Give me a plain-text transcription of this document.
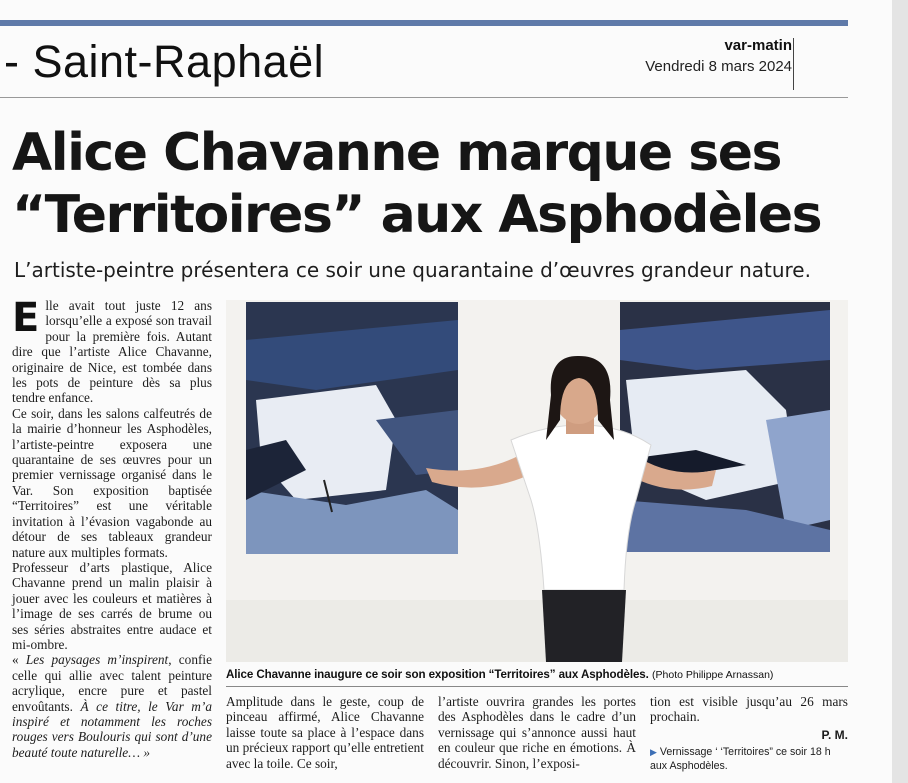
- Saint-Raphaël	var-matin
Vendredi 8 mars 2024
Alice Chavanne marque ses
“Territoires” aux Asphodèles
L’artiste-peintre présentera ce soir une quarantaine d’œuvres grandeur nature.

Elle avait tout juste 12 ans lorsqu’elle a exposé son travail pour la première fois. Autant dire que l’artiste Alice Chavanne, originaire de Nice, est tombée dans les pots de peinture dès sa plus tendre enfance.

Ce soir, dans les salons calfeutrés de la mairie d’honneur les Asphodèles, l’artiste-peintre exposera une quarantaine de ses œuvres pour un premier vernissage organisé dans le Var. Son exposition baptisée “Territoires” est une véritable invitation à l’évasion vagabonde au détour de ses tableaux grandeur nature aux multiples formats.

Professeur d’arts plastique, Alice Chavanne prend un malin plaisir à jouer avec les couleurs et matières à l’image de ses carrés de brume ou ses séries abstraites entre audace et mi-ombre.

« Les paysages m’inspirent, confie celle qui allie avec talent peinture acrylique, encre pure et pastel envoûtants. À ce titre, le Var m’a inspiré et notamment les roches rouges vers Boulouris qui sont d’une beauté toute naturelle… »

Alice Chavanne inaugure ce soir son exposition “Territoires” aux Asphodèles. (Photo Philippe Arnassan)

Amplitude dans le geste, coup de pinceau affirmé, Alice Chavanne laisse toute sa place à l’espace dans un précieux rapport qu’elle entretient avec la toile. Ce soir,

l’artiste ouvrira grandes les portes des Asphodèles dans le cadre d’un vernissage qui s’annonce aussi haut en couleur que riche en émotions. À découvrir. Sinon, l’exposi-

tion est visible jusqu’au 26 mars prochain.

P. M.
▶ Vernissage ‘ ‘Territoires” ce soir 18 h aux Asphodèles.
